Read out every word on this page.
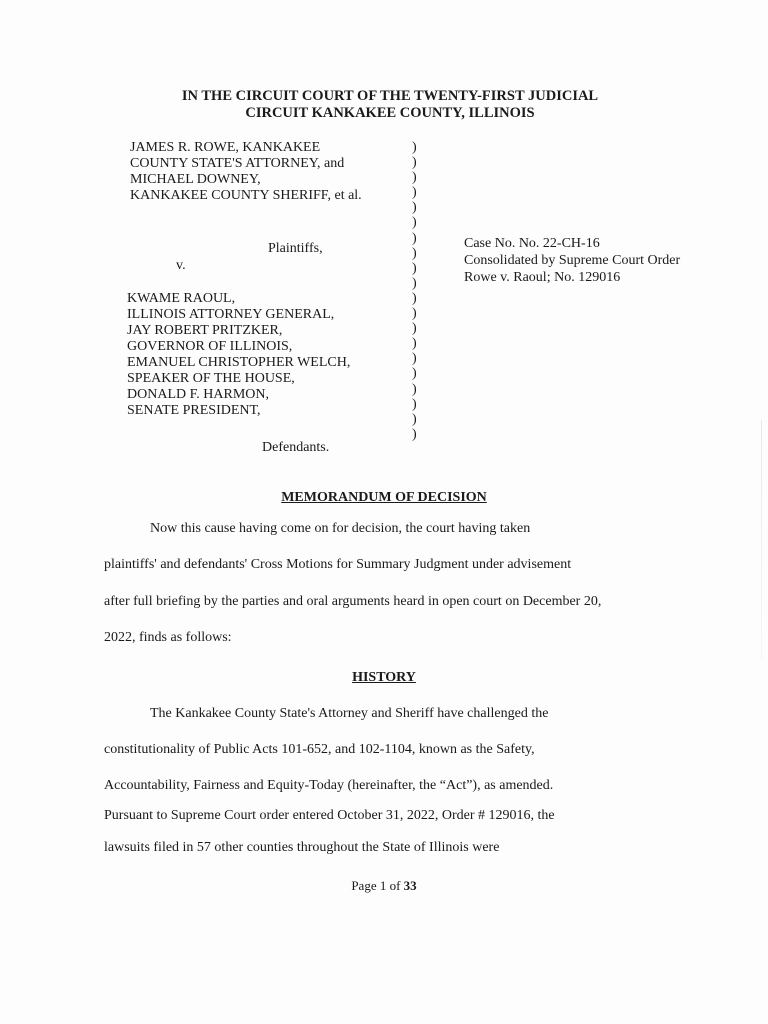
IN THE CIRCUIT COURT OF THE TWENTY-FIRST JUDICIAL
CIRCUIT KANKAKEE COUNTY, ILLINOIS
JAMES R. ROWE, KANKAKEE
COUNTY STATE'S ATTORNEY, and
MICHAEL DOWNEY,
KANKAKEE COUNTY SHERIFF, et al.
Plaintiffs,
v.
KWAME RAOUL,
ILLINOIS ATTORNEY GENERAL,
JAY ROBERT PRITZKER,
GOVERNOR OF ILLINOIS,
EMANUEL CHRISTOPHER WELCH,
SPEAKER OF THE HOUSE,
DONALD F. HARMON,
SENATE PRESIDENT,
Defendants.
)
)
)
)
)
)
)
)
)
)
)
)
)
)
)
)
)
)
)
)
Case No. No. 22-CH-16
Consolidated by Supreme Court Order
Rowe v. Raoul; No. 129016
MEMORANDUM OF DECISION
Now this cause having come on for decision, the court having taken
plaintiffs' and defendants' Cross Motions for Summary Judgment under advisement
after full briefing by the parties and oral arguments heard in open court on December 20,
2022, finds as follows:
HISTORY
The Kankakee County State's Attorney and Sheriff have challenged the
constitutionality of Public Acts 101-652, and 102-1104, known as the Safety,
Accountability, Fairness and Equity-Today (hereinafter, the “Act”), as amended.
Pursuant to Supreme Court order entered October 31, 2022, Order # 129016, the
lawsuits filed in 57 other counties throughout the State of Illinois were
Page 1 of 33
